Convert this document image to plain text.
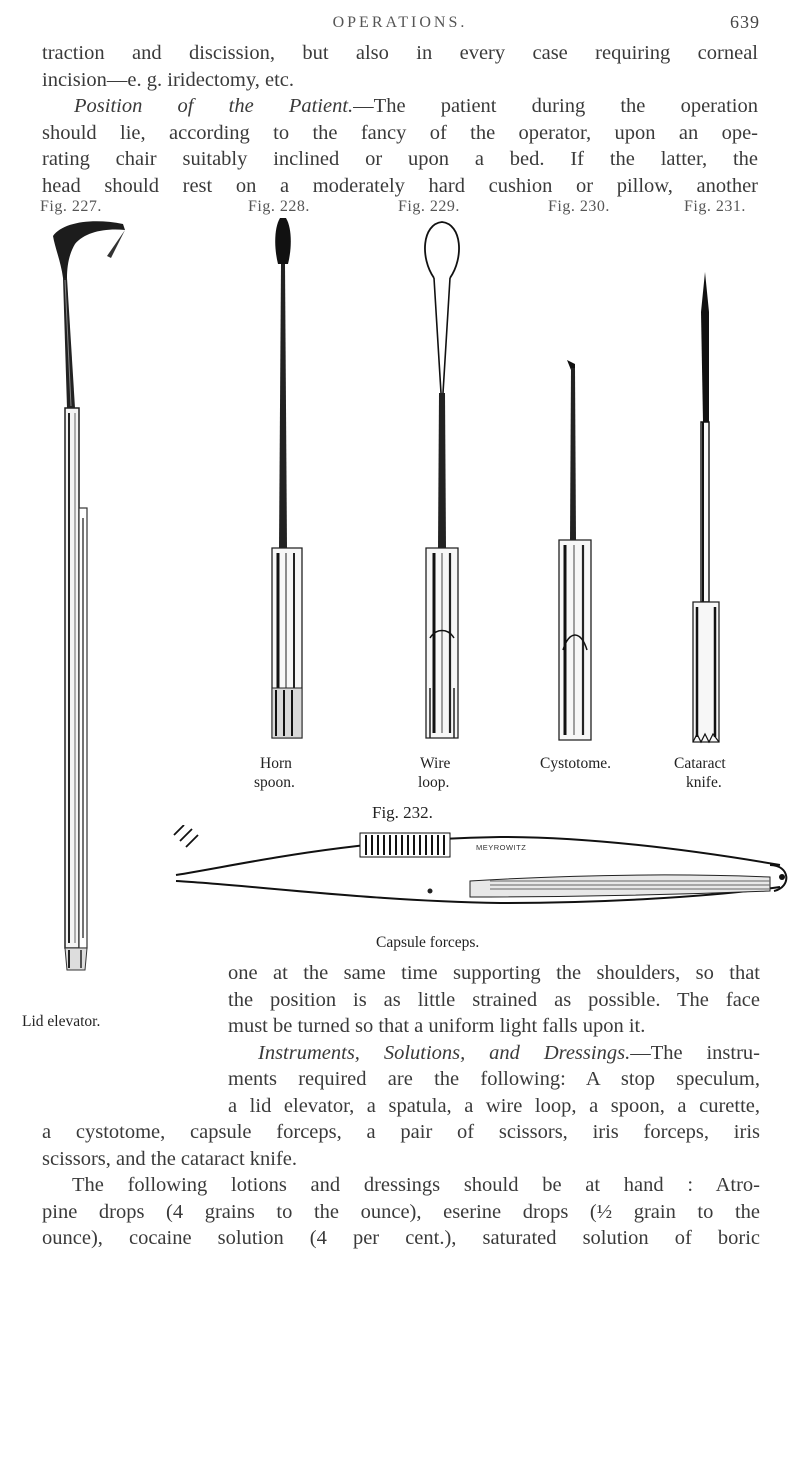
OPERATIONS.	639
traction and discission, but also in every case requiring corneal
incision—e. g. iridectomy, etc.
Position of the Patient.—The patient during the operation
should lie, according to the fancy of the operator, upon an ope-
rating chair suitably inclined or upon a bed. If the latter, the
head should rest on a moderately hard cushion or pillow, another
Fig. 227.	Fig. 228.	Fig. 229.	Fig. 230.	Fig. 231.
Lid elevator.
Horn
spoon.
Wire
loop.
Cystotome.	Cataract
knife.
Fig. 232.
MEYROWITZ
Capsule forceps.
one at the same time supporting the shoulders, so that
the position is as little strained as possible. The face
must be turned so that a uniform light falls upon it.
Instruments, Solutions, and Dressings.—The instru-
ments required are the following: A stop speculum,
a lid elevator, a spatula, a wire loop, a spoon, a curette,
a cystotome, capsule forceps, a pair of scissors, iris forceps, iris
scissors, and the cataract knife.
The following lotions and dressings should be at hand : Atro-
pine drops (4 grains to the ounce), eserine drops (½ grain to the
ounce), cocaine solution (4 per cent.), saturated solution of boric
